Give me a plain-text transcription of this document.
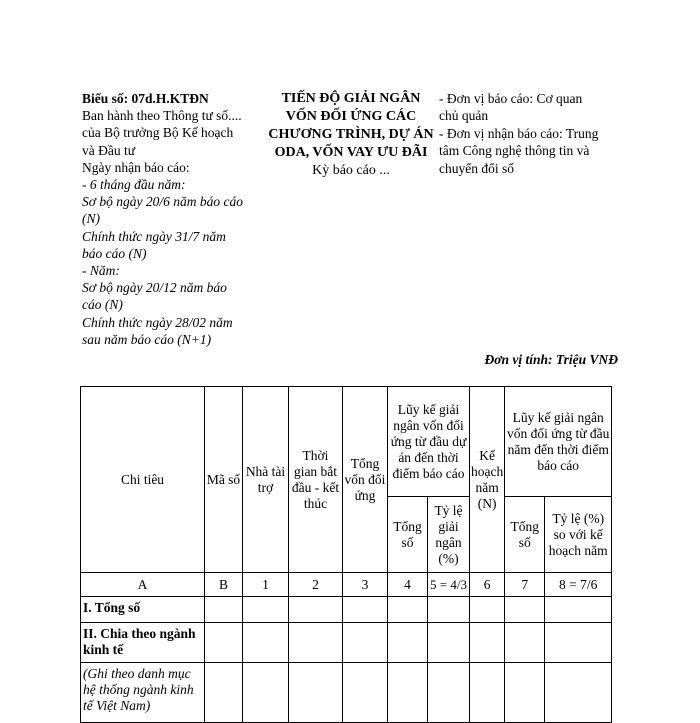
Biểu số: 07d.H.KTĐN
Ban hành theo Thông tư số....
của Bộ trưởng Bộ Kế hoạch
và Đầu tư
Ngày nhận báo cáo:
- 6 tháng đầu năm:
Sơ bộ ngày 20/6 năm báo cáo
(N)
Chính thức ngày 31/7 năm
báo cáo (N)
- Năm:
Sơ bộ ngày 20/12 năm báo
cáo (N)
Chính thức ngày 28/02 năm
sau năm báo cáo (N+1)
TIẾN ĐỘ GIẢI NGÂN
VỐN ĐỐI ỨNG CÁC
CHƯƠNG TRÌNH, DỰ ÁN
ODA, VỐN VAY ƯU ĐÃI
Kỳ báo cáo ...
- Đơn vị báo cáo: Cơ quan
chủ quản
- Đơn vị nhận báo cáo: Trung
tâm Công nghệ thông tin và
chuyển đổi số
Đơn vị tính: Triệu VNĐ
Chi tiêu	Mã số	Nhà tài trợ	Thời gian bắt đầu - kết thúc	Tổng vốn đối ứng	Lũy kế giải ngân vốn đối ứng từ đầu dự án đến thời điểm báo cáo		Kế hoạch năm (N)	Lũy kế giải ngân vốn đối ứng từ đầu năm đến thời điểm báo cáo	
					Tổng số	Tỷ lệ giải ngân (%)		Tổng số	Tỷ lệ (%) so với kế hoạch năm
A	B	1	2	3	4	5 = 4/3	6	7	8 = 7/6
I. Tổng số									
II. Chia theo ngành kinh tế									
(Ghi theo danh mục hệ thống ngành kinh tế Việt Nam)									
